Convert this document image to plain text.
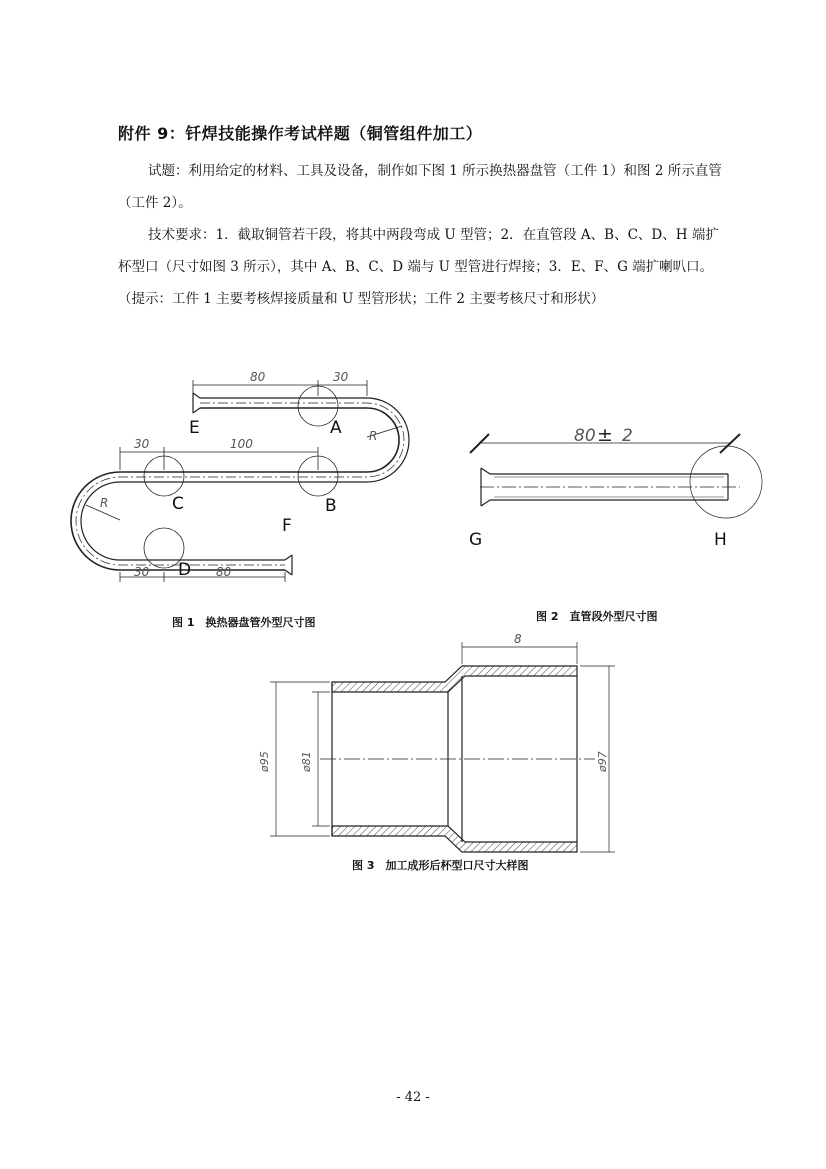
附件 9：钎焊技能操作考试样题（铜管组件加工）
试题：利用给定的材料、工具及设备，制作如下图 1 所示换热器盘管（工件 1）和图 2 所示直管（工件 2）。
技术要求：1．截取铜管若干段，将其中两段弯成 U 型管；2．在直管段 A、B、C、D、H 端扩杯型口（尺寸如图 3 所示），其中 A、B、C、D 端与 U 型管进行焊接；3．E、F、G 端扩喇叭口。（提示：工件 1 主要考核焊接质量和 U 型管形状；工件 2 主要考核尺寸和形状）
80	30
30	100
30	80
R
R
E	A
C	B
F
D
80 ± 2
G	H
8
ø95	ø81	ø97
图 1　换热器盘管外型尺寸图	图 2　直管段外型尺寸图
图 3　加工成形后杯型口尺寸大样图
- 42 -
